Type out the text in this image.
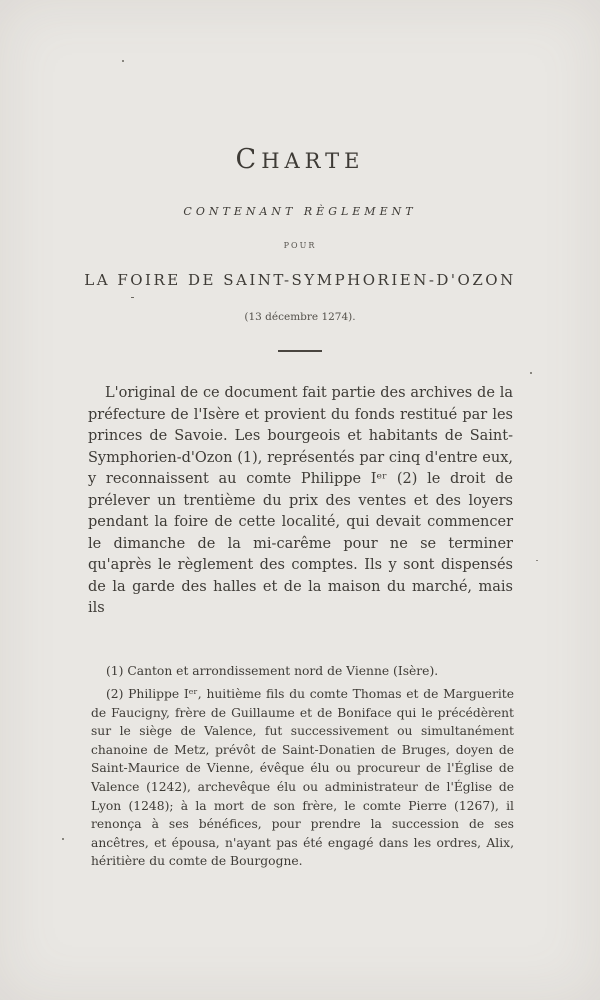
CHARTE
CONTENANT RÈGLEMENT
POUR
LA FOIRE DE SAINT-SYMPHORIEN-D'OZON
(13 décembre 1274).

L'original de ce document fait partie des archives de la préfecture de l'Isère et provient du fonds restitué par les princes de Savoie. Les bourgeois et habitants de Saint-Symphorien-d'Ozon (1), représentés par cinq d'entre eux, y reconnaissent au comte Philippe Iᵉʳ (2) le droit de prélever un trentième du prix des ventes et des loyers pendant la foire de cette localité, qui devait commencer le dimanche de la mi-carême pour ne se terminer qu'après le règlement des comptes. Ils y sont dispensés de la garde des halles et de la maison du marché, mais ils

(1) Canton et arrondissement nord de Vienne (Isère).

(2) Philippe Iᵉʳ, huitième fils du comte Thomas et de Marguerite de Faucigny, frère de Guillaume et de Boniface qui le précédèrent sur le siège de Valence, fut successivement ou simultanément chanoine de Metz, prévôt de Saint-Donatien de Bruges, doyen de Saint-Maurice de Vienne, évêque élu ou procureur de l'Église de Valence (1242), archevêque élu ou administrateur de l'Église de Lyon (1248); à la mort de son frère, le comte Pierre (1267), il renonça à ses bénéfices, pour prendre la succession de ses ancêtres, et épousa, n'ayant pas été engagé dans les ordres, Alix, héritière du comte de Bourgogne.
